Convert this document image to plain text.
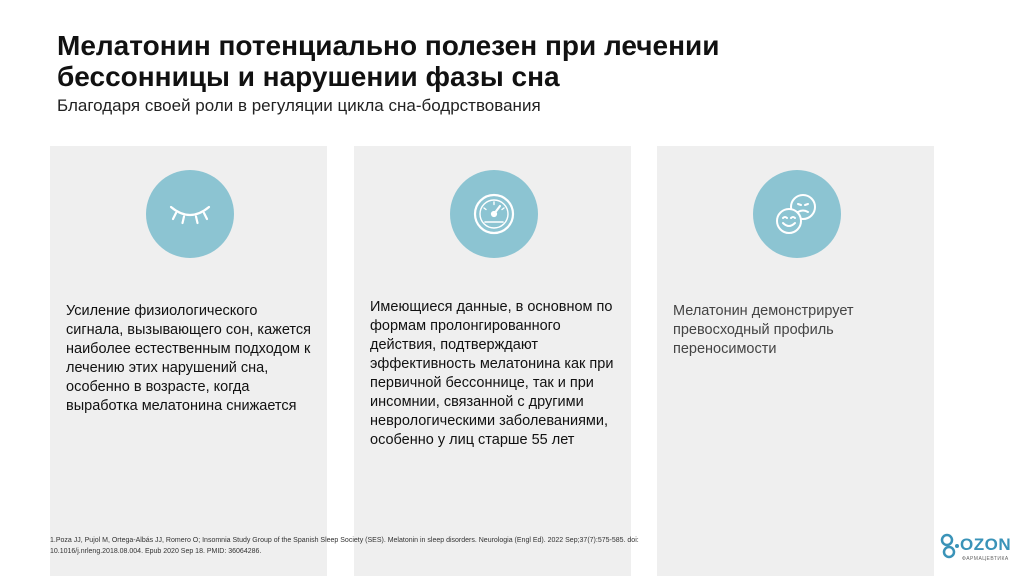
Мелатонин потенциально полезен при лечении
бессонницы и нарушении фазы сна

Благодаря своей роли в регуляции цикла сна-бодрствования

Усиление физиологического сигнала, вызывающего сон, кажется наиболее естественным подходом к лечению этих нарушений сна, особенно в возрасте, когда выработка мелатонина снижается

Имеющиеся данные, в основном по формам пролонгированного действия, подтверждают эффективность мелатонина как при первичной бессоннице, так и при инсомнии, связанной с другими неврологическими заболеваниями, особенно у лиц старше 55 лет

Мелатонин демонстрирует превосходный профиль переносимости

1.Poza JJ, Pujol M, Ortega-Albás JJ, Romero O; Insomnia Study Group of the Spanish Sleep Society (SES). Melatonin in sleep disorders. Neurologia (Engl Ed). 2022 Sep;37(7):575-585. doi:
10.1016/j.nrleng.2018.08.004. Epub 2020 Sep 18. PMID: 36064286.	OZON
ФАРМАЦЕВТИКА
